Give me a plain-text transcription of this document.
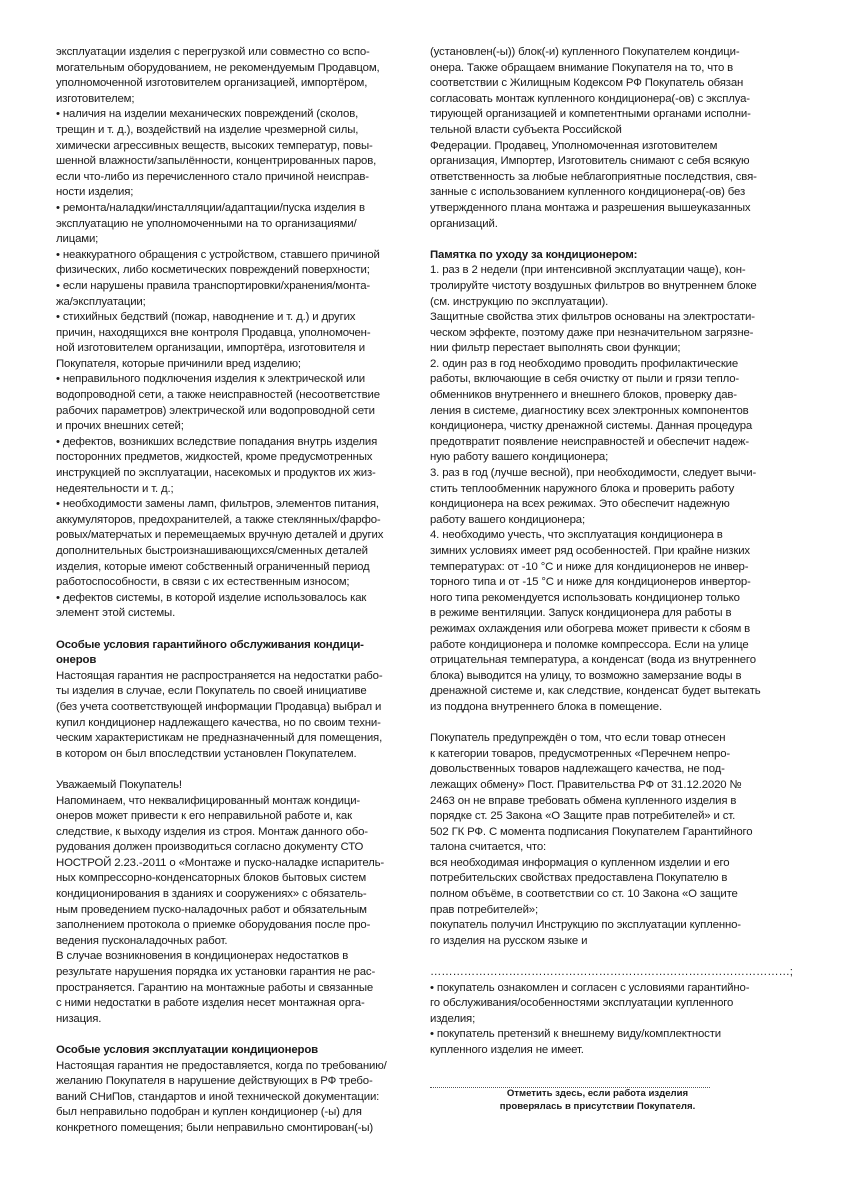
эксплуатации изделия с перегрузкой или совместно со вспо-
могательным оборудованием, не рекомендуемым Продавцом,
уполномоченной изготовителем организацией, импортёром,
изготовителем;
• наличия на изделии механических повреждений (сколов,
трещин и т. д.), воздействий на изделие чрезмерной силы,
химически агрессивных веществ, высоких температур, повы-
шенной влажности/запылённости, концентрированных паров,
если что-либо из перечисленного стало причиной неисправ-
ности изделия;
• ремонта/наладки/инсталляции/адаптации/пуска изделия в
эксплуатацию не уполномоченными на то организациями/
лицами;
• неаккуратного обращения с устройством, ставшего причиной
физических, либо косметических повреждений поверхности;
• если нарушены правила транспортировки/хранения/монта-
жа/эксплуатации;
• стихийных бедствий (пожар, наводнение и т. д.) и других
причин, находящихся вне контроля Продавца, уполномочен-
ной изготовителем организации, импортёра, изготовителя и
Покупателя, которые причинили вред изделию;
• неправильного подключения изделия к электрической или
водопроводной сети, а также неисправностей (несоответствие
рабочих параметров) электрической или водопроводной сети
и прочих внешних сетей;
• дефектов, возникших вследствие попадания внутрь изделия
посторонних предметов, жидкостей, кроме предусмотренных
инструкцией по эксплуатации, насекомых и продуктов их жиз-
недеятельности и т. д.;
• необходимости замены ламп, фильтров, элементов питания,
аккумуляторов, предохранителей, а также стеклянных/фарфо-
ровых/матерчатых и перемещаемых вручную деталей и других
дополнительных быстроизнашивающихся/сменных деталей
изделия, которые имеют собственный ограниченный период
работоспособности, в связи с их естественным износом;
• дефектов системы, в которой изделие использовалось как
элемент этой системы.
Особые условия гарантийного обслуживания кондици-
онеров
Настоящая гарантия не распространяется на недостатки рабо-
ты изделия в случае, если Покупатель по своей инициативе
(без учета соответствующей информации Продавца) выбрал и
купил кондиционер надлежащего качества, но по своим техни-
ческим характеристикам не предназначенный для помещения,
в котором он был впоследствии установлен Покупателем.
Уважаемый Покупатель!
Напоминаем, что неквалифицированный монтаж кондици-
онеров может привести к его неправильной работе и, как
следствие, к выходу изделия из строя. Монтаж данного обо-
рудования должен производиться согласно документу СТО
НОСТРОЙ 2.23.-2011 о «Монтаже и пуско-наладке испаритель-
ных компрессорно-конденсаторных блоков бытовых систем
кондиционирования в зданиях и сооружениях» с обязатель-
ным проведением пуско-наладочных работ и обязательным
заполнением протокола о приемке оборудования после про-
ведения пусконаладочных работ.
В случае возникновения в кондиционерах недостатков в
результате нарушения порядка их установки гарантия не рас-
пространяется. Гарантию на монтажные работы и связанные
с ними недостатки в работе изделия несет монтажная орга-
низация.
Особые условия эксплуатации кондиционеров
Настоящая гарантия не предоставляется, когда по требованию/
желанию Покупателя в нарушение действующих в РФ требо-
ваний СНиПов, стандартов и иной технической документации:
был неправильно подобран и куплен кондиционер (-ы) для
конкретного помещения; были неправильно смонтирован(-ы)
(установлен(-ы)) блок(-и) купленного Покупателем кондици-
онера. Также обращаем внимание Покупателя на то, что в
соответствии с Жилищным Кодексом РФ Покупатель обязан
согласовать монтаж купленного кондиционера(-ов) с эксплуа-
тирующей организацией и компетентными органами исполни-
тельной власти субъекта Российской
Федерации. Продавец, Уполномоченная изготовителем
организация, Импортер, Изготовитель снимают с себя всякую
ответственность за любые неблагоприятные последствия, свя-
занные с использованием купленного кондиционера(-ов) без
утвержденного плана монтажа и разрешения вышеуказанных
организаций.
Памятка по уходу за кондиционером:
1. раз в 2 недели (при интенсивной эксплуатации чаще), кон-
тролируйте чистоту воздушных фильтров во внутреннем блоке
(см. инструкцию по эксплуатации).
Защитные свойства этих фильтров основаны на электростати-
ческом эффекте, поэтому даже при незначительном загрязне-
нии фильтр перестает выполнять свои функции;
2. один раз в год необходимо проводить профилактические
работы, включающие в себя очистку от пыли и грязи тепло-
обменников внутреннего и внешнего блоков, проверку дав-
ления в системе, диагностику всех электронных компонентов
кондиционера, чистку дренажной системы. Данная процедура
предотвратит появление неисправностей и обеспечит надеж-
ную работу вашего кондиционера;
3. раз в год (лучше весной), при необходимости, следует вычи-
стить теплообменник наружного блока и проверить работу
кондиционера на всех режимах. Это обеспечит надежную
работу вашего кондиционера;
4. необходимо учесть, что эксплуатация кондиционера в
зимних условиях имеет ряд особенностей. При крайне низких
температурах: от -10 °С и ниже для кондиционеров не инвер-
торного типа и от -15 °С и ниже для кондиционеров инвертор-
ного типа рекомендуется использовать кондиционер только
в режиме вентиляции. Запуск кондиционера для работы в
режимах охлаждения или обогрева может привести к сбоям в
работе кондиционера и поломке компрессора. Если на улице
отрицательная температура, а конденсат (вода из внутреннего
блока) выводится на улицу, то возможно замерзание воды в
дренажной системе и, как следствие, конденсат будет вытекать
из поддона внутреннего блока в помещение.
Покупатель предупреждён о том, что если товар отнесен
к категории товаров, предусмотренных «Перечнем непро-
довольственных товаров надлежащего качества, не под-
лежащих обмену» Пост. Правительства РФ от 31.12.2020 №
2463 он не вправе требовать обмена купленного изделия в
порядке ст. 25 Закона «О Защите прав потребителей» и ст.
502 ГК РФ. С момента подписания Покупателем Гарантийного
талона считается, что:
вся необходимая информация о купленном изделии и его
потребительских свойствах предоставлена Покупателю в
полном объёме, в соответствии со ст. 10 Закона «О защите
прав потребителей»;
покупатель получил Инструкцию по эксплуатации купленно-
го изделия на русском языке и
……………………………………………………………………………………;
• покупатель ознакомлен и согласен с условиями гарантийно-
го обслуживания/особенностями эксплуатации купленного
изделия;
• покупатель претензий к внешнему виду/комплектности
купленного изделия не имеет.
Отметить здесь, если работа изделия
проверялась в присутствии Покупателя.
